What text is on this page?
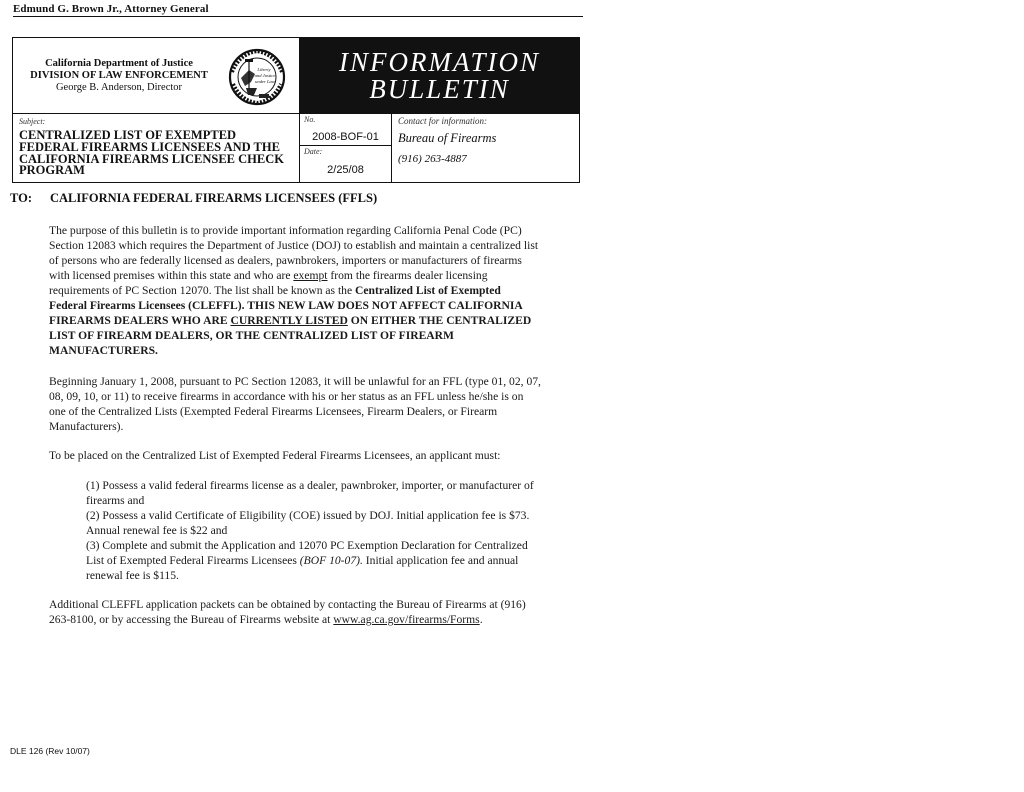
Edmund G. Brown Jr., Attorney General
California Department of Justice
DIVISION OF LAW ENFORCEMENT
George B. Anderson, Director
Liberty
and Justice
under Law
INFORMATION
BULLETIN
Subject:
CENTRALIZED LIST OF EXEMPTED FEDERAL FIREARMS LICENSEES AND THE CALIFORNIA FIREARMS LICENSEE CHECK PROGRAM
No.
2008-BOF-01
Date:
2/25/08
Contact for information:
Bureau of Firearms
(916) 263-4887
TO: CALIFORNIA FEDERAL FIREARMS LICENSEES (FFLS)

The purpose of this bulletin is to provide important information regarding California Penal Code (PC) Section 12083 which requires the Department of Justice (DOJ) to establish and maintain a centralized list of persons who are federally licensed as dealers, pawnbrokers, importers or manufacturers of firearms with licensed premises within this state and who are exempt from the firearms dealer licensing requirements of PC Section 12070. The list shall be known as the Centralized List of Exempted Federal Firearms Licensees (CLEFFL). THIS NEW LAW DOES NOT AFFECT CALIFORNIA FIREARMS DEALERS WHO ARE CURRENTLY LISTED ON EITHER THE CENTRALIZED LIST OF FIREARM DEALERS, OR THE CENTRALIZED LIST OF FIREARM MANUFACTURERS.

Beginning January 1, 2008, pursuant to PC Section 12083, it will be unlawful for an FFL (type 01, 02, 07, 08, 09, 10, or 11) to receive firearms in accordance with his or her status as an FFL unless he/she is on one of the Centralized Lists (Exempted Federal Firearms Licensees, Firearm Dealers, or Firearm Manufacturers).

To be placed on the Centralized List of Exempted Federal Firearms Licensees, an applicant must:

(1) Possess a valid federal firearms license as a dealer, pawnbroker, importer, or manufacturer of firearms and

(2) Possess a valid Certificate of Eligibility (COE) issued by DOJ. Initial application fee is $73. Annual renewal fee is $22 and

(3) Complete and submit the Application and 12070 PC Exemption Declaration for Centralized List of Exempted Federal Firearms Licensees (BOF 10-07). Initial application fee and annual renewal fee is $115.

Additional CLEFFL application packets can be obtained by contacting the Bureau of Firearms at (916) 263-8100, or by accessing the Bureau of Firearms website at www.ag.ca.gov/firearms/Forms.

DLE 126 (Rev 10/07)
